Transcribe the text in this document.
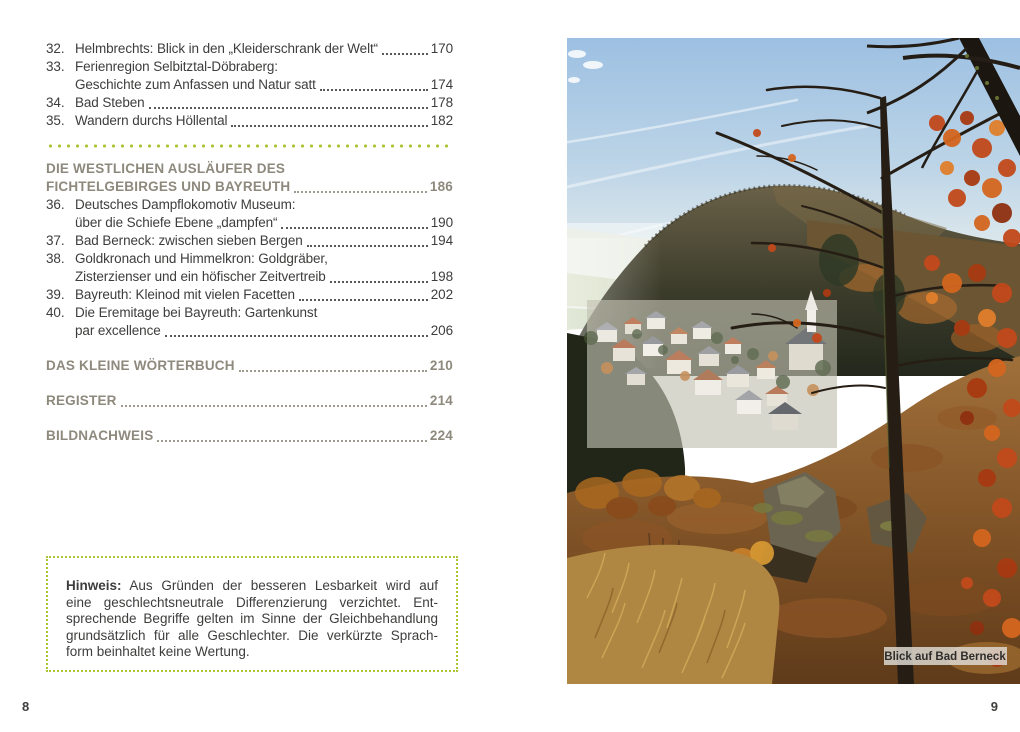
32. Helmbrechts: Blick in den „Kleiderschrank der Welt“	170
33. Ferienregion Selbitztal-Döbraberg:
Geschichte zum Anfassen und Natur satt	174
34. Bad Steben	178
35. Wandern durchs Höllental	182
DIE WESTLICHEN AUSLÄUFER DES
FICHTELGEBIRGES UND BAYREUTH	186
36. Deutsches Dampflokomotiv Museum:
über die Schiefe Ebene „dampfen“	190
37. Bad Berneck: zwischen sieben Bergen	194
38. Goldkronach und Himmelkron: Goldgräber,
Zisterzienser und ein höfischer Zeitvertreib	198
39. Bayreuth: Kleinod mit vielen Facetten	202
40. Die Eremitage bei Bayreuth: Gartenkunst
par excellence	206
DAS KLEINE WÖRTERBUCH	210
REGISTER	214
BILDNACHWEIS	224
Hinweis: Aus Gründen der besseren Lesbarkeit wird auf
eine geschlechtsneutrale Differenzierung verzichtet. Ent-
sprechende Begriffe gelten im Sinne der Gleichbehandlung
grundsätzlich für alle Geschlechter. Die verkürzte Sprach-
form beinhaltet keine Wertung.
8	9
Blick auf Bad Berneck
